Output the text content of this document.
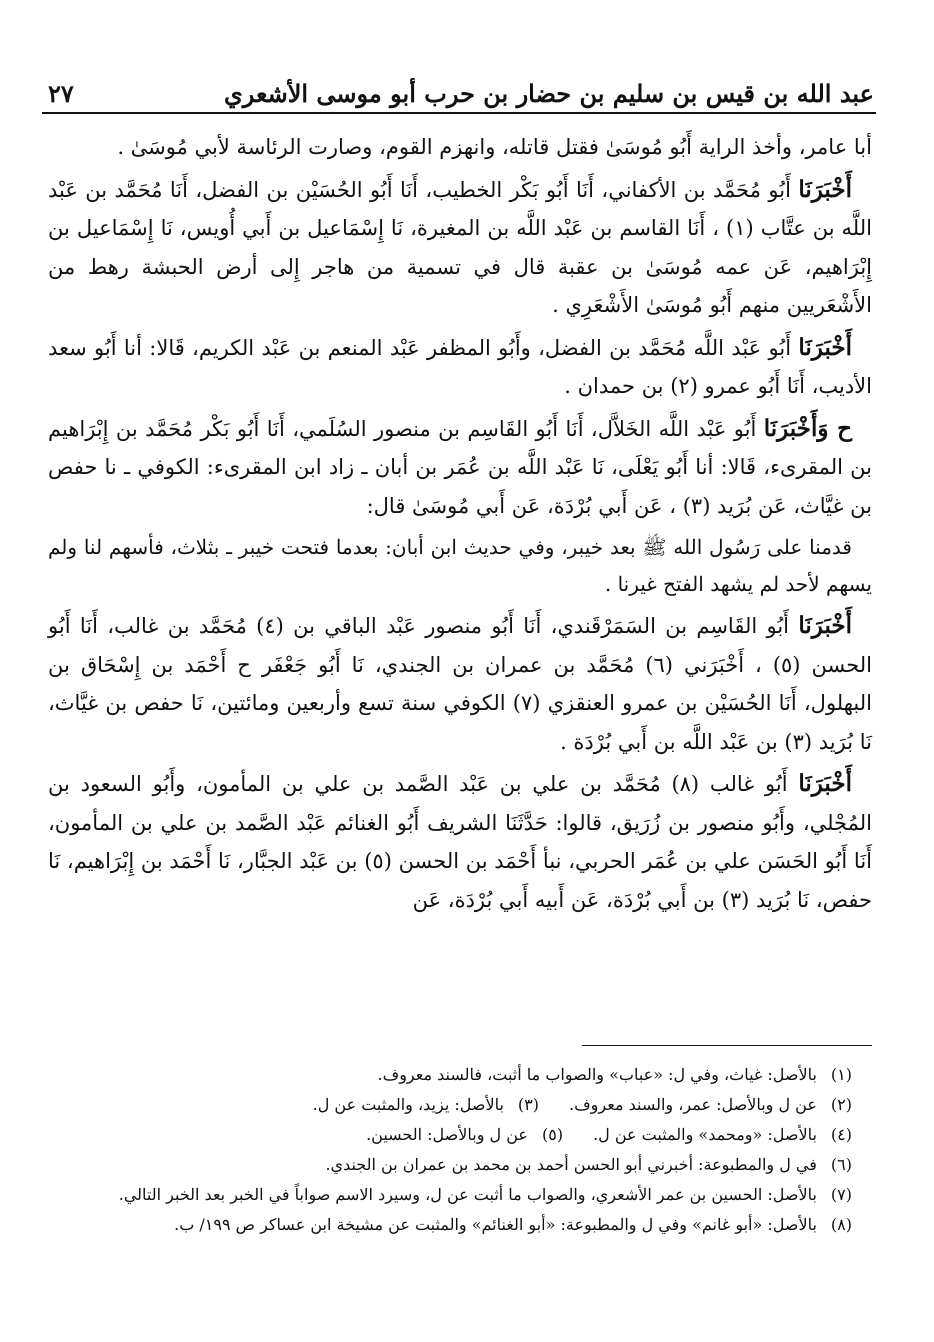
عبد الله بن قيس بن سليم بن حضار بن حرب أبو موسى الأشعري
٢٧

أبا عامر، وأخذ الراية أَبُو مُوسَىٰ فقتل قاتله، وانهزم القوم، وصارت الرئاسة لأبي مُوسَىٰ .

أَخْبَرَنَا أَبُو مُحَمَّد بن الأكفاني، أَنَا أَبُو بَكْر الخطيب، أَنَا أَبُو الحُسَيْن بن الفضل، أَنَا مُحَمَّد بن عَبْد اللَّه بن عتَّاب (١) ، أَنَا القاسم بن عَبْد اللَّه بن المغيرة، نَا إِسْمَاعيل بن أَبي أُويس، نَا إِسْمَاعيل بن إِبْرَاهيم، عَن عمه مُوسَىٰ بن عقبة قال في تسمية من هاجر إِلى أرض الحبشة رهط من الأَشْعَريين منهم أَبُو مُوسَىٰ الأَشْعَرِي .

أَخْبَرَنَا أَبُو عَبْد اللَّه مُحَمَّد بن الفضل، وأَبُو المظفر عَبْد المنعم بن عَبْد الكريم، قَالا: أنا أَبُو سعد الأديب، أَنَا أَبُو عمرو (٢) بن حمدان .

ح وَأَخْبَرَنَا أَبُو عَبْد اللَّه الخَلاَّل، أَنَا أَبُو القَاسِم بن منصور السُلَمي، أَنَا أَبُو بَكْر مُحَمَّد بن إِبْرَاهيم بن المقرىء، قَالا: أنا أَبُو يَعْلَى، نَا عَبْد اللَّه بن عُمَر بن أبان ـ زاد ابن المقرىء: الكوفي ـ نا حفص بن غيَّاث، عَن بُرَيد (٣) ، عَن أَبي بُرْدَة، عَن أَبي مُوسَىٰ قال:

قدمنا على رَسُول الله ﷺ بعد خيبر، وفي حديث ابن أبان: بعدما فتحت خيبر ـ بثلاث، فأسهم لنا ولم يسهم لأحد لم يشهد الفتح غيرنا .

أَخْبَرَنَا أَبُو القَاسِم بن السَمَرْقَندي، أَنَا أَبُو منصور عَبْد الباقي بن (٤) مُحَمَّد بن غالب، أَنَا أَبُو الحسن (٥) ، أَخْبَرَني (٦) مُحَمَّد بن عمران بن الجندي، نَا أَبُو جَعْفَر ح أَحْمَد بن إِسْحَاق بن البهلول، أَنَا الحُسَيْن بن عمرو العنقزي (٧) الكوفي سنة تسع وأربعين ومائتين، نَا حفص بن غيَّاث، نَا بُرَيد (٣) بن عَبْد اللَّه بن أَبي بُرْدَة .

أَخْبَرَنَا أَبُو غالب (٨) مُحَمَّد بن علي بن عَبْد الصَّمد بن علي بن المأمون، وأَبُو السعود بن المُجْلي، وأَبُو منصور بن زُرَيق، قالوا: حَدَّثَنَا الشريف أَبُو الغنائم عَبْد الصَّمد بن علي بن المأمون، أَنَا أَبُو الحَسَن علي بن عُمَر الحربي، نبأ أَحْمَد بن الحسن (٥) بن عَبْد الجبَّار، نَا أَحْمَد بن إِبْرَاهيم، نَا حفص، نَا بُرَيد (٣) بن أَبي بُرْدَة، عَن أَبيه أَبي بُرْدَة، عَن

(١) بالأصل: غياث، وفي ل: «عباب» والصواب ما أثبت، فالسند معروف.
(٢) عن ل وبالأصل: عمر، والسند معروف.
(٣) بالأصل: يزيد، والمثبت عن ل.
(٤) بالأصل: «ومحمد» والمثبت عن ل.
(٥) عن ل وبالأصل: الحسين.
(٦) في ل والمطبوعة: أخبرني أبو الحسن أحمد بن محمد بن عمران بن الجندي.
(٧) بالأصل: الحسين بن عمر الأشعري، والصواب ما أثبت عن ل، وسيرد الاسم صواباً في الخبر بعد الخبر التالي.
(٨) بالأصل: «أبو غانم» وفي ل والمطبوعة: «أبو الغنائم» والمثبت عن مشيخة ابن عساكر ص ١٩٩/ ب.
